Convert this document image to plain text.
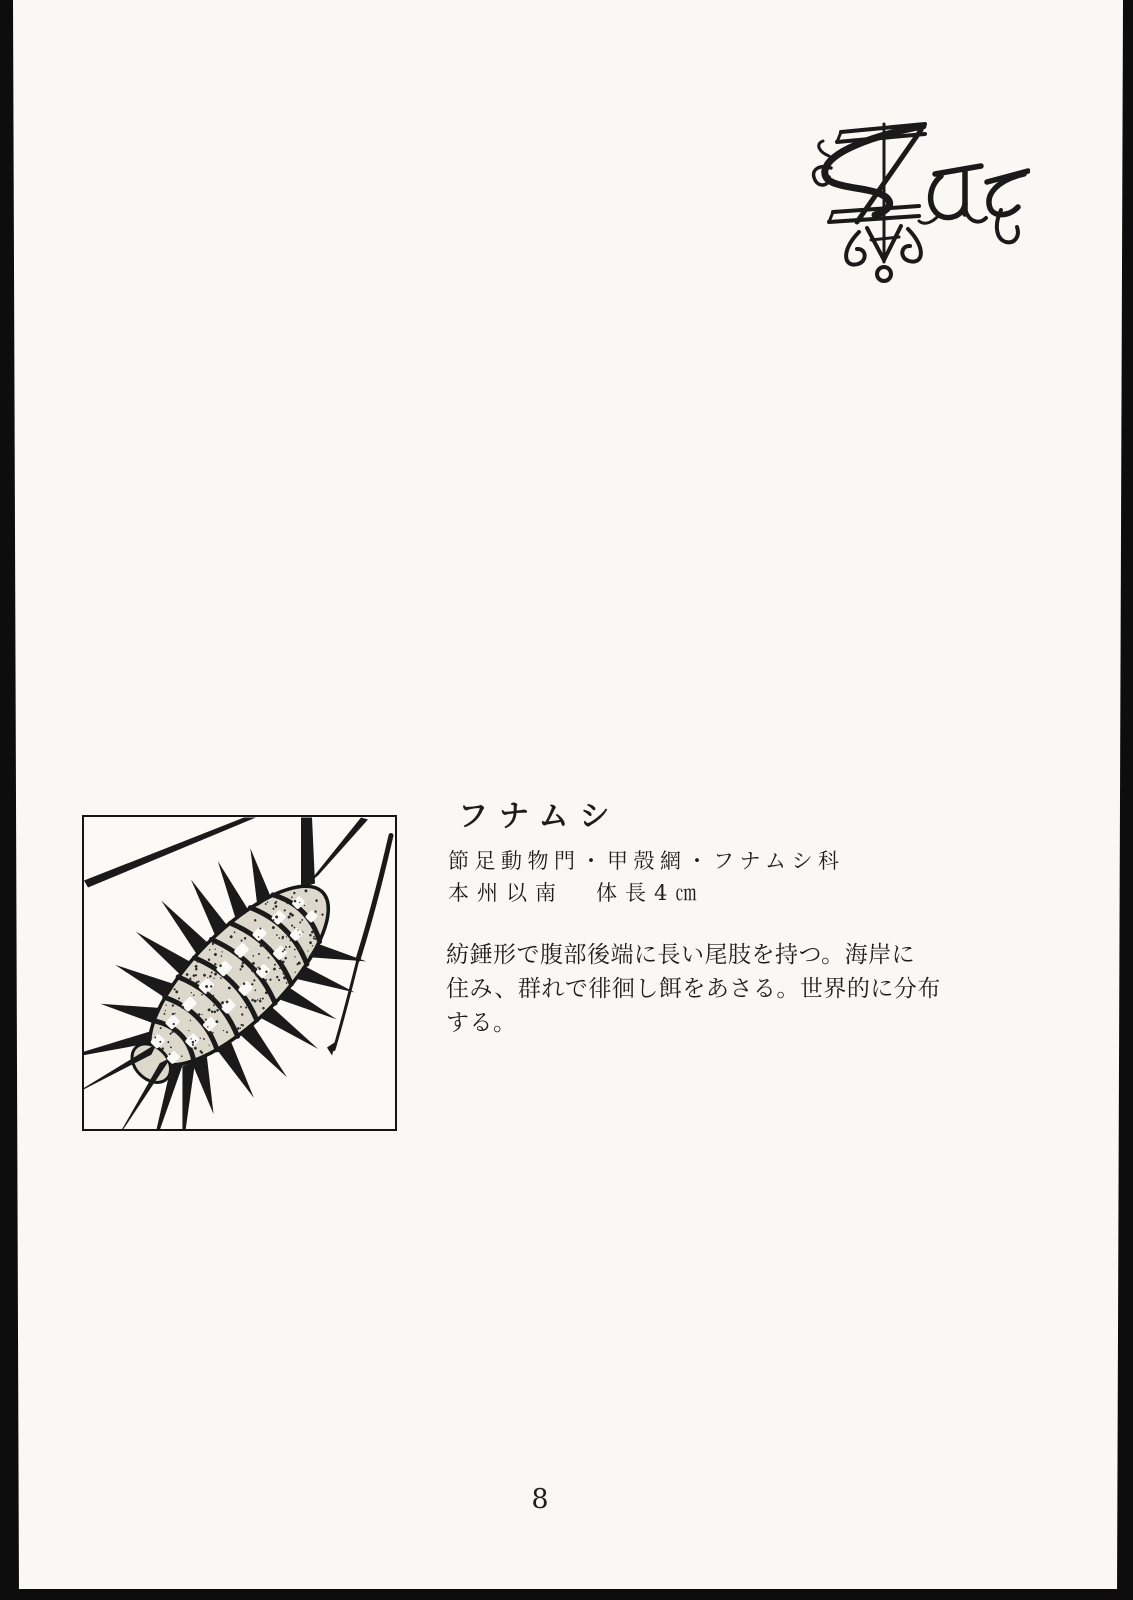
フナムシ

節足動物門・甲殻網・フナムシ科

本州以南 体長4㎝

紡錘形で腹部後端に長い尾肢を持つ。海岸に
住み、群れで徘徊し餌をあさる。世界的に分布
する。

8
